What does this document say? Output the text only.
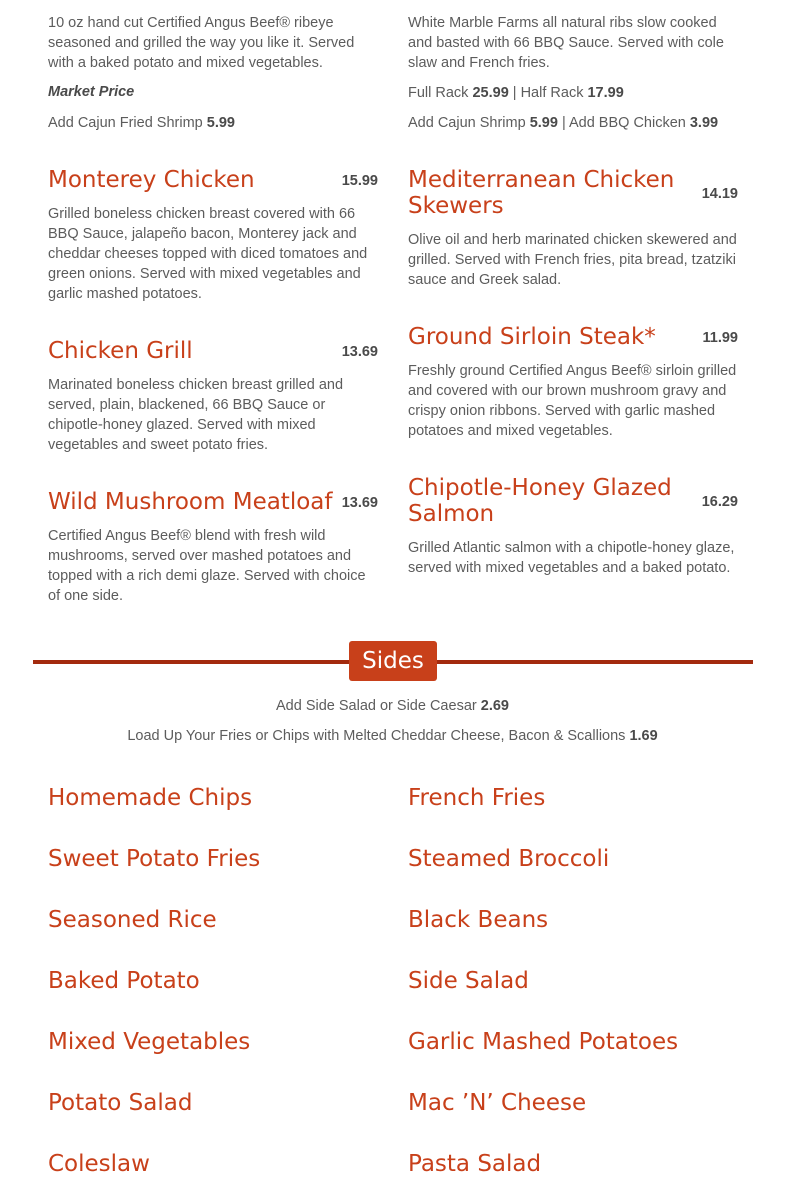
10 oz hand cut Certified Angus Beef® ribeye seasoned and grilled the way you like it. Served with a baked potato and mixed vegetables.
Market Price
Add Cajun Fried Shrimp 5.99
White Marble Farms all natural ribs slow cooked and basted with 66 BBQ Sauce. Served with cole slaw and French fries.
Full Rack 25.99 | Half Rack 17.99
Add Cajun Shrimp 5.99 | Add BBQ Chicken 3.99
Monterey Chicken	15.99
Grilled boneless chicken breast covered with 66 BBQ Sauce, jalapeño bacon, Monterey jack and cheddar cheeses topped with diced tomatoes and green onions. Served with mixed vegetables and garlic mashed potatoes.
Chicken Grill	13.69
Marinated boneless chicken breast grilled and served, plain, blackened, 66 BBQ Sauce or chipotle-honey glazed. Served with mixed vegetables and sweet potato fries.
Wild Mushroom Meatloaf 13.69
Certified Angus Beef® blend with fresh wild mushrooms, served over mashed potatoes and topped with a rich demi glaze. Served with choice of one side.
Mediterranean Chicken Skewers	14.19
Olive oil and herb marinated chicken skewered and grilled. Served with French fries, pita bread, tzatziki sauce and Greek salad.
Ground Sirloin Steak*	11.99
Freshly ground Certified Angus Beef® sirloin grilled and covered with our brown mushroom gravy and crispy onion ribbons. Served with garlic mashed potatoes and mixed vegetables.
Chipotle-Honey Glazed Salmon	16.29
Grilled Atlantic salmon with a chipotle-honey glaze, served with mixed vegetables and a baked potato.
Sides
Add Side Salad or Side Caesar 2.69
Load Up Your Fries or Chips with Melted Cheddar Cheese, Bacon & Scallions 1.69
Homemade Chips
Sweet Potato Fries
Seasoned Rice
Baked Potato
Mixed Vegetables
Potato Salad
Coleslaw
French Fries
Steamed Broccoli
Black Beans
Side Salad
Garlic Mashed Potatoes
Mac ’N’ Cheese
Pasta Salad
